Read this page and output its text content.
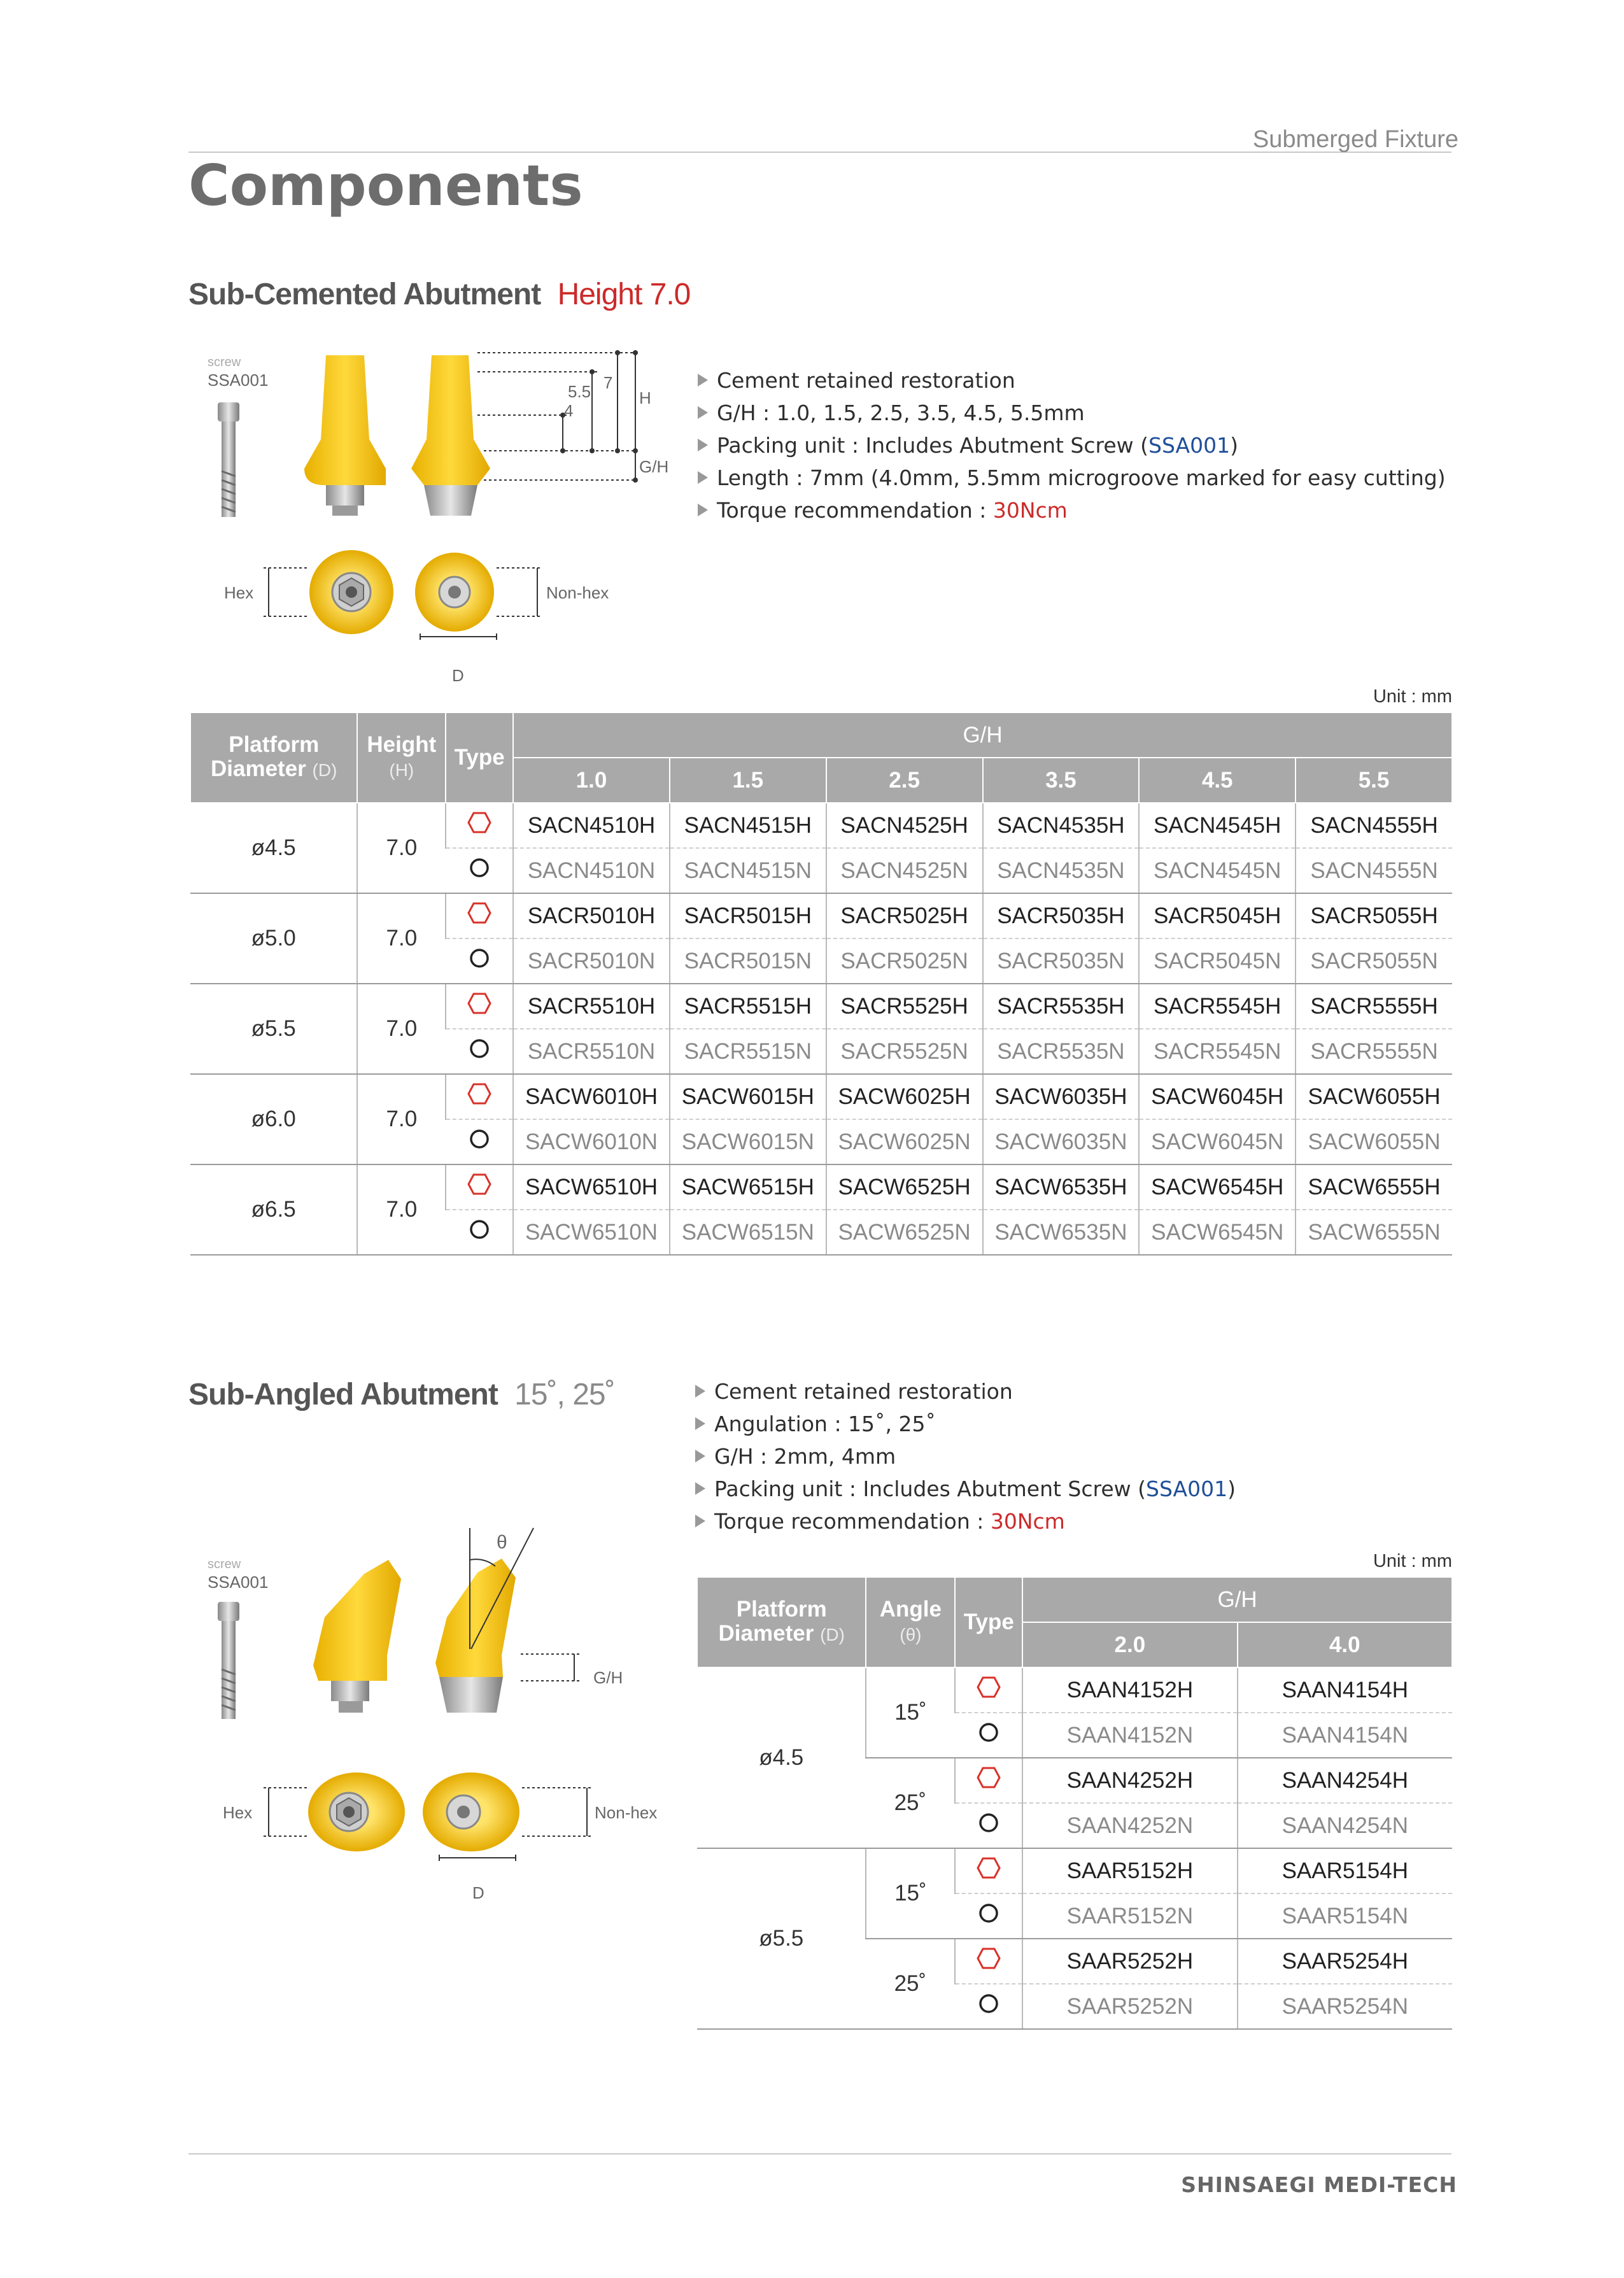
Submerged Fixture
Components
Sub-Cemented Abutment Height 7.0
screw
SSA001
4
5.5 7
H
G/H
Hex	Non-hex
D
Cement retained restoration
G/H : 1.0, 1.5, 2.5, 3.5, 4.5, 5.5mm
Packing unit : Includes Abutment Screw (SSA001)
Length : 7mm (4.0mm, 5.5mm microgroove marked for easy cutting)
Torque recommendation : 30Ncm
Unit : mm
Platform
Diameter (D)	Height
(H)	Type	G/H					
			1.0	1.5	2.5	3.5	4.5	5.5
ø4.5	7.0		SACN4510H	SACN4515H	SACN4525H	SACN4535H	SACN4545H	SACN4555H
	SACN4510N	SACN4515N	SACN4525N	SACN4535N	SACN4545N	SACN4555N
ø5.0	7.0		SACR5010H	SACR5015H	SACR5025H	SACR5035H	SACR5045H	SACR5055H
	SACR5010N	SACR5015N	SACR5025N	SACR5035N	SACR5045N	SACR5055N
ø5.5	7.0		SACR5510H	SACR5515H	SACR5525H	SACR5535H	SACR5545H	SACR5555H
	SACR5510N	SACR5515N	SACR5525N	SACR5535N	SACR5545N	SACR5555N
ø6.0	7.0		SACW6010H	SACW6015H	SACW6025H	SACW6035H	SACW6045H	SACW6055H
	SACW6010N	SACW6015N	SACW6025N	SACW6035N	SACW6045N	SACW6055N
ø6.5	7.0		SACW6510H	SACW6515H	SACW6525H	SACW6535H	SACW6545H	SACW6555H
	SACW6510N	SACW6515N	SACW6525N	SACW6535N	SACW6545N	SACW6555N
Sub-Angled Abutment 15˚, 25˚	Cement retained restoration
Angulation : 15˚, 25˚
G/H : 2mm, 4mm
Packing unit : Includes Abutment Screw (SSA001)
Torque recommendation : 30Ncm
screw
SSA001
θ
G/H
Hex	Non-hex
D
Unit : mm
Platform
Diameter (D)	Angle
(θ)	Type	G/H	
			2.0	4.0
ø4.5	15˚		SAAN4152H	SAAN4154H
	SAAN4152N	SAAN4154N
	25˚		SAAN4252H	SAAN4254H
	SAAN4252N	SAAN4254N
ø5.5	15˚		SAAR5152H	SAAR5154H
	SAAR5152N	SAAR5154N
	25˚		SAAR5252H	SAAR5254H
	SAAR5252N	SAAR5254N
SHINSAEGI MEDI-TECH
